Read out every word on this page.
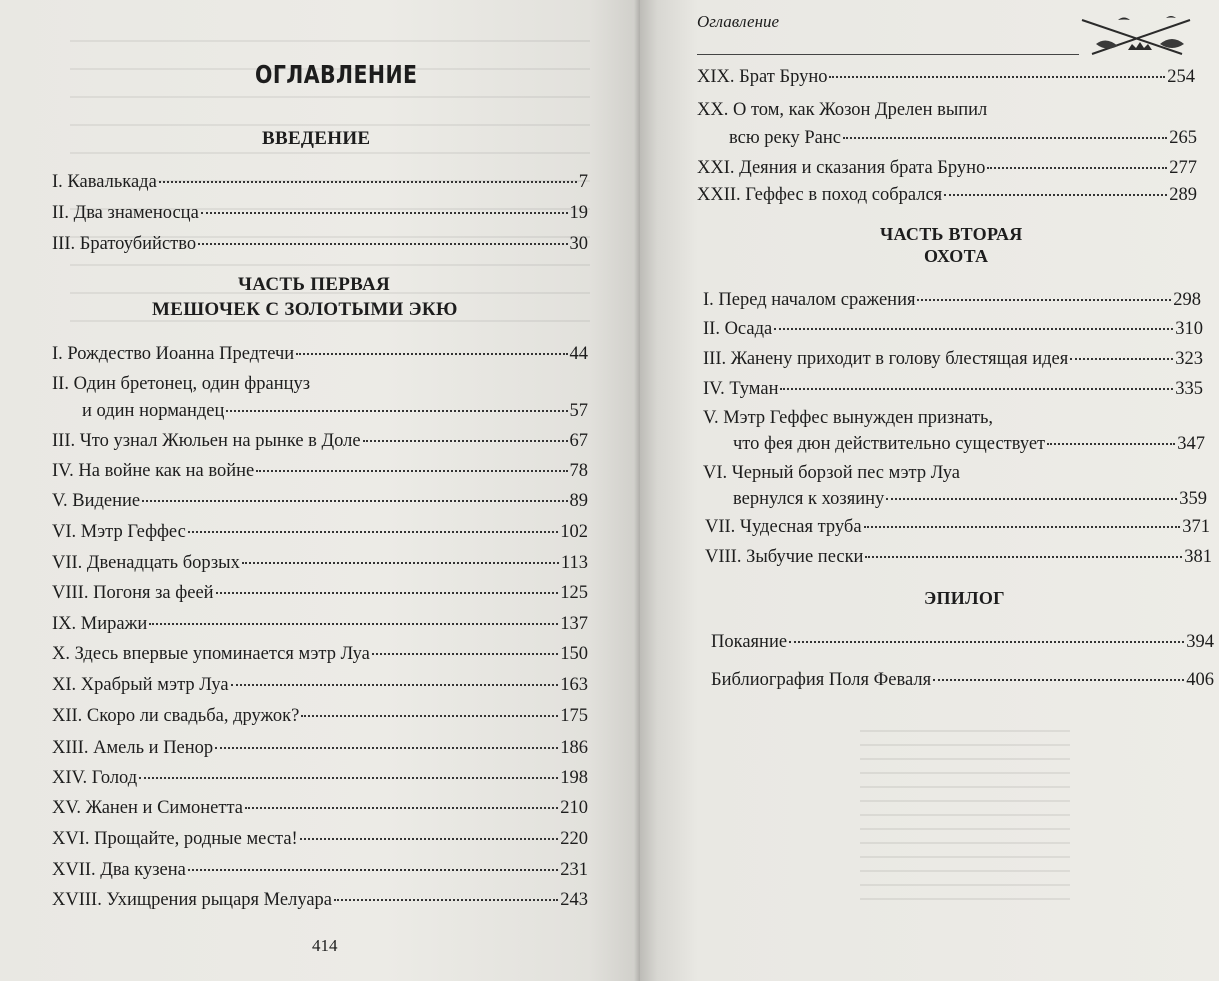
ОГЛАВЛЕНИЕ
ВВЕДЕНИЕ
I. Кавалькада	7
II. Два знаменосца	19
III. Братоубийство	30
ЧАСТЬ ПЕРВАЯ
МЕШОЧЕК С ЗОЛОТЫМИ ЭКЮ
I. Рождество Иоанна Предтечи	44
II. Один бретонец, один француз
и один нормандец	57
III. Что узнал Жюльен на рынке в Доле	67
IV. На войне как на войне	78
V. Видение	89
VI. Мэтр Геффес	102
VII. Двенадцать борзых	113
VIII. Погоня за феей	125
IX. Миражи	137
X. Здесь впервые упоминается мэтр Луа	150
XI. Храбрый мэтр Луа	163
XII. Скоро ли свадьба, дружок?	175
XIII. Амель и Пенор	186
XIV. Голод	198
XV. Жанен и Симонетта	210
XVI. Прощайте, родные места!	220
XVII. Два кузена	231
XVIII. Ухищрения рыцаря Мелуара	243
414
Оглавление
XIX. Брат Бруно	254
XX. О том, как Жозон Дрелен выпил
всю реку Ранс	265
XXI. Деяния и сказания брата Бруно	277
XXII. Геффес в поход собрался	289
ЧАСТЬ ВТОРАЯ
ОХОТА
I. Перед началом сражения	298
II. Осада	310
III. Жанену приходит в голову блестящая идея	323
IV. Туман	335
V. Мэтр Геффес вынужден признать,
что фея дюн действительно существует	347
VI. Черный борзой пес мэтр Луа
вернулся к хозяину	359
VII. Чудесная труба	371
VIII. Зыбучие пески	381
ЭПИЛОГ
Покаяние	394
Библиография Поля Феваля	406
